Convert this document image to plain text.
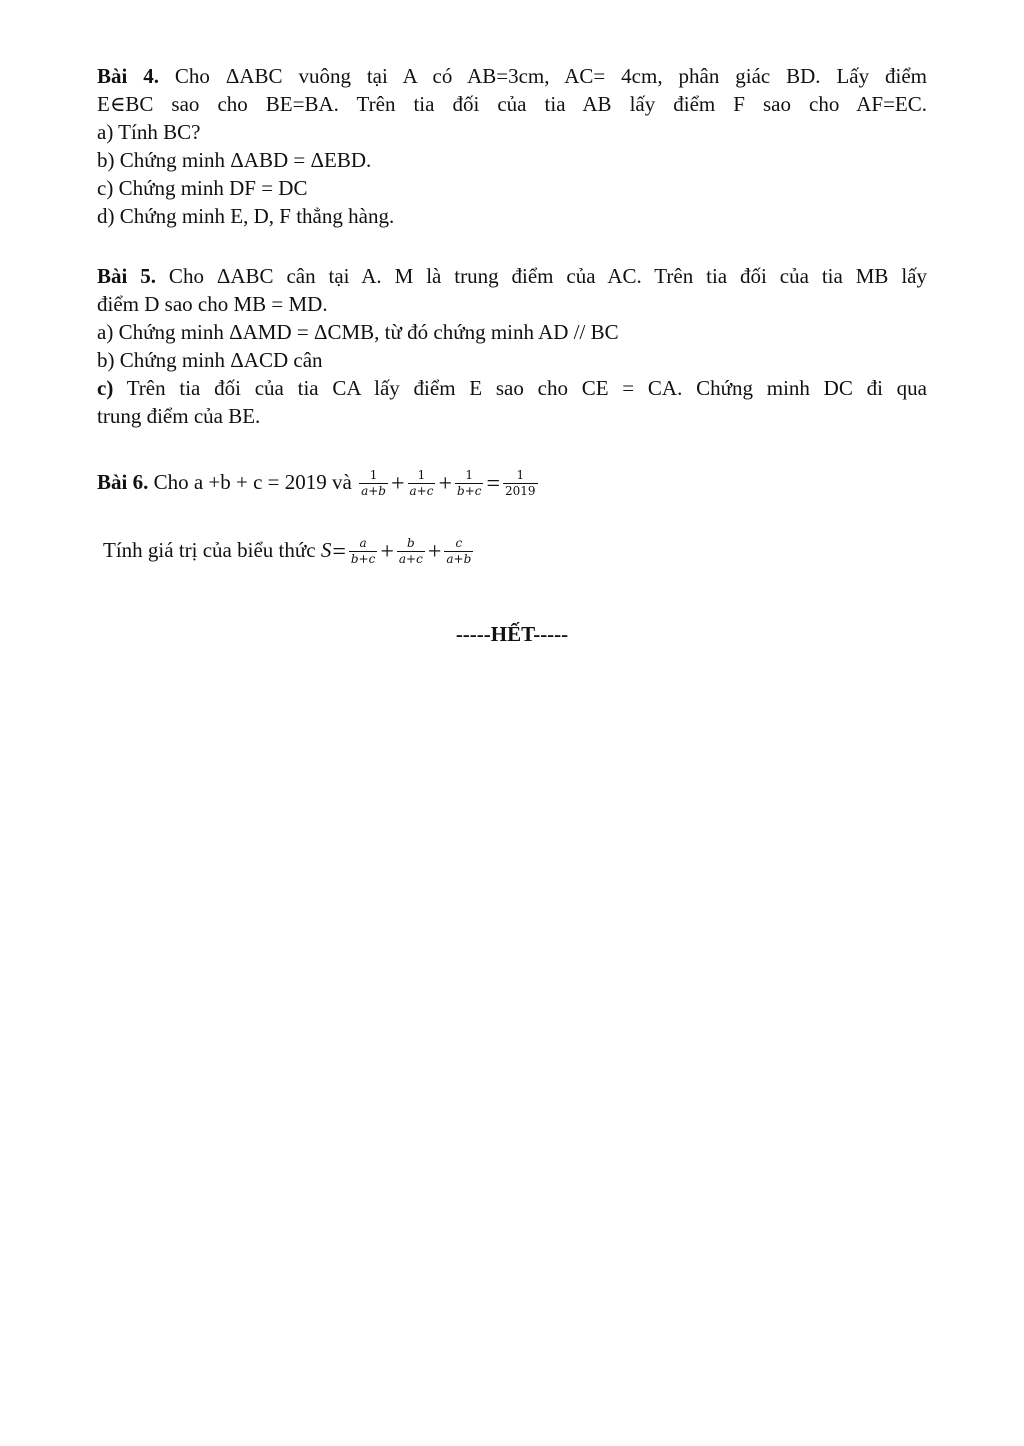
Bài 4. Cho ΔABC vuông tại A có AB=3cm, AC= 4cm, phân giác BD. Lấy điểm
E∈BC sao cho BE=BA. Trên tia đối của tia AB lấy điểm F sao cho AF=EC.
a) Tính BC?
b) Chứng minh ΔABD = ΔEBD.
c) Chứng minh DF = DC
d) Chứng minh E, D, F thẳng hàng.
Bài 5. Cho ΔABC cân tại A. M là trung điểm của AC. Trên tia đối của tia MB lấy
điểm D sao cho MB = MD.
a) Chứng minh ΔAMD = ΔCMB, từ đó chứng minh AD // BC
b) Chứng minh ΔACD cân
c) Trên tia đối của tia CA lấy điểm E sao cho CE = CA. Chứng minh DC đi qua
trung điểm của BE.
Bài 6. Cho a +b + c = 2019 và $\frac{1}{a+b} + \frac{1}{a+c} + \frac{1}{b+c} = \frac{1}{2019}$
Tính giá trị của biểu thức $S= \frac{a}{b+c} + \frac{b}{a+c} + \frac{c}{a+b}$
-----HẾT-----
